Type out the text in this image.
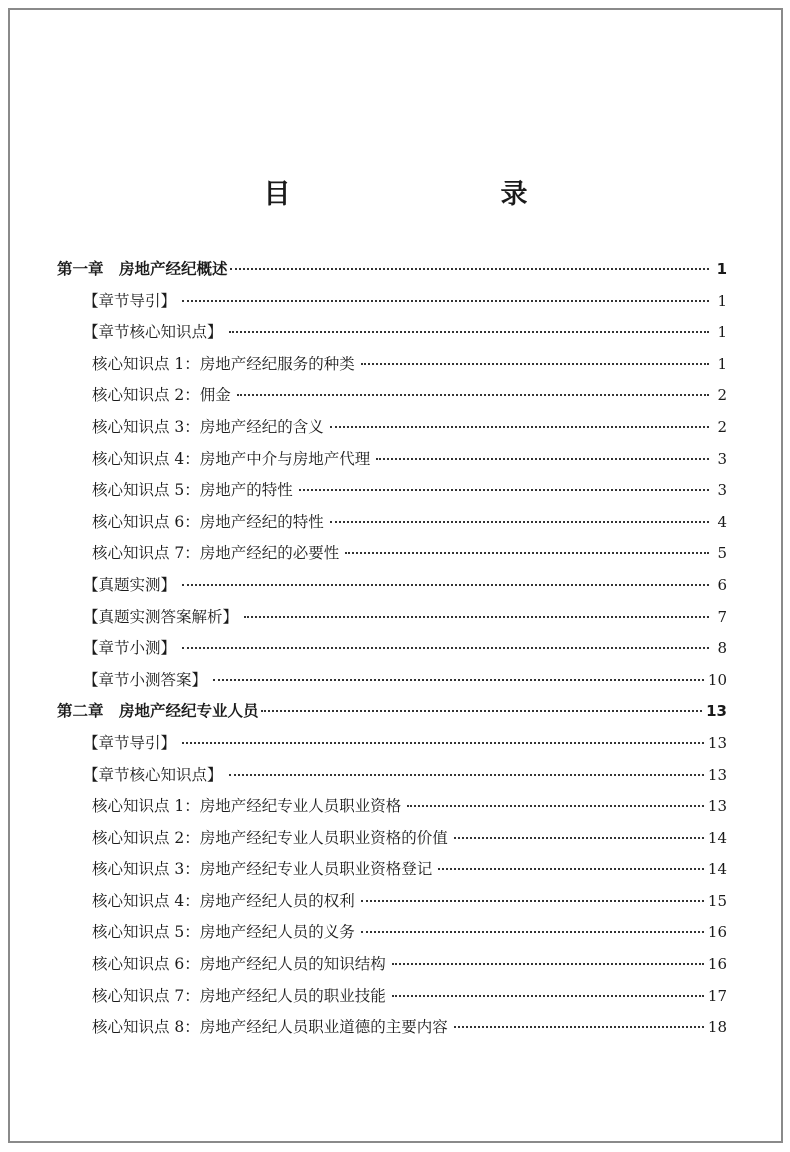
目　　录
第一章　房地产经纪概述	1
【章节导引】	1
【章节核心知识点】	1
核心知识点 1：房地产经纪服务的种类	1
核心知识点 2：佣金	2
核心知识点 3：房地产经纪的含义	2
核心知识点 4：房地产中介与房地产代理	3
核心知识点 5：房地产的特性	3
核心知识点 6：房地产经纪的特性	4
核心知识点 7：房地产经纪的必要性	5
【真题实测】	6
【真题实测答案解析】	7
【章节小测】	8
【章节小测答案】	10
第二章　房地产经纪专业人员	13
【章节导引】	13
【章节核心知识点】	13
核心知识点 1：房地产经纪专业人员职业资格	13
核心知识点 2：房地产经纪专业人员职业资格的价值	14
核心知识点 3：房地产经纪专业人员职业资格登记	14
核心知识点 4：房地产经纪人员的权利	15
核心知识点 5：房地产经纪人员的义务	16
核心知识点 6：房地产经纪人员的知识结构	16
核心知识点 7：房地产经纪人员的职业技能	17
核心知识点 8：房地产经纪人员职业道德的主要内容	18
